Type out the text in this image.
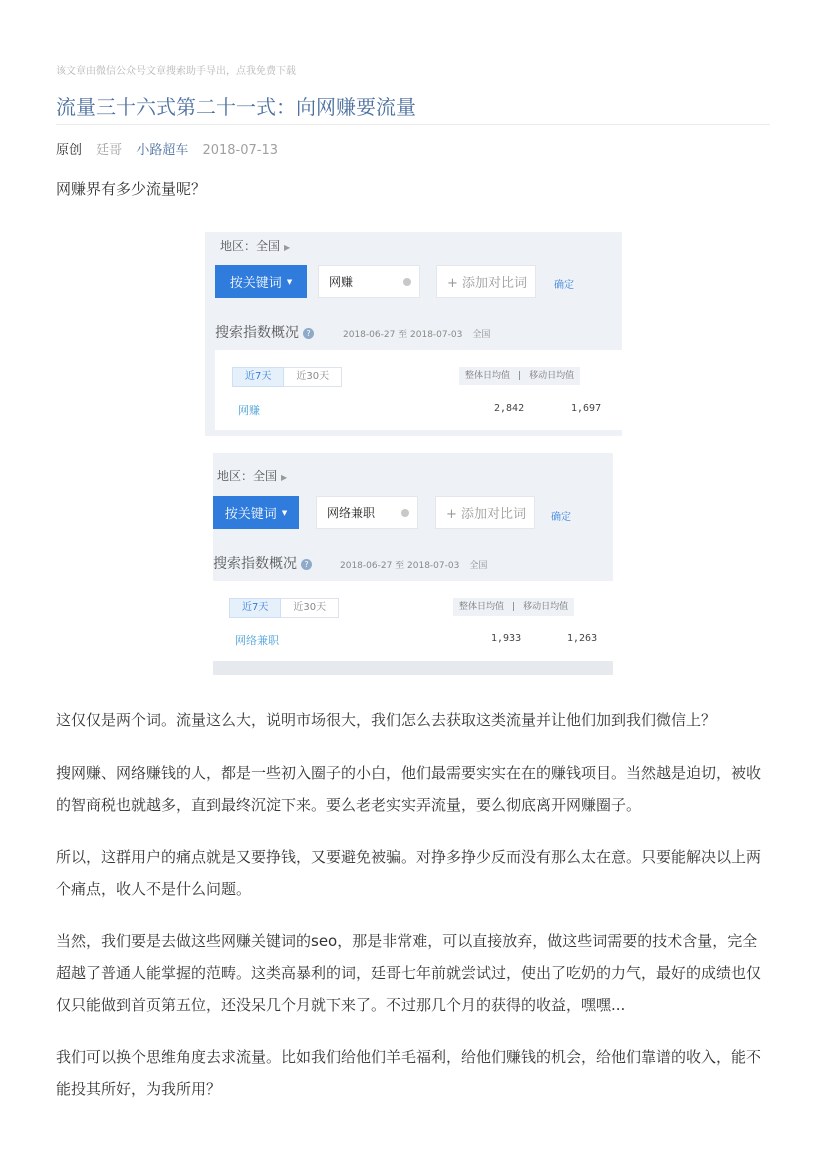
该文章由微信公众号文章搜索助手导出，点我免费下载
流量三十六式第二十一式：向网赚要流量
原创 廷哥 小路超车 2018-07-13

网赚界有多少流量呢？

地区：全国 ▶
按关键词 ▼	网赚	+ 添加对比词	确定
搜索指数概况 ?	2018-06-27 至 2018-07-03 全国
近7天	近30天	整体日均值 | 移动日均值
网赚	2,842	1,697
地区：全国 ▶
按关键词 ▼	网络兼职	+ 添加对比词	确定
搜索指数概况 ?	2018-06-27 至 2018-07-03 全国
近7天	近30天	整体日均值 | 移动日均值
网络兼职	1,933	1,263

这仅仅是两个词。流量这么大，说明市场很大，我们怎么去获取这类流量并让他们加到我们微信上？

搜网赚、网络赚钱的人，都是一些初入圈子的小白，他们最需要实实在在的赚钱项目。当然越是迫切，被收的智商税也就越多，直到最终沉淀下来。要么老老实实弄流量，要么彻底离开网赚圈子。

所以，这群用户的痛点就是又要挣钱，又要避免被骗。对挣多挣少反而没有那么太在意。只要能解决以上两个痛点，收人不是什么问题。

当然，我们要是去做这些网赚关键词的seo，那是非常难，可以直接放弃，做这些词需要的技术含量，完全超越了普通人能掌握的范畴。这类高暴利的词，廷哥七年前就尝试过，使出了吃奶的力气，最好的成绩也仅仅只能做到首页第五位，还没呆几个月就下来了。不过那几个月的获得的收益，嘿嘿...

我们可以换个思维角度去求流量。比如我们给他们羊毛福利，给他们赚钱的机会，给他们靠谱的收入，能不能投其所好，为我所用？
